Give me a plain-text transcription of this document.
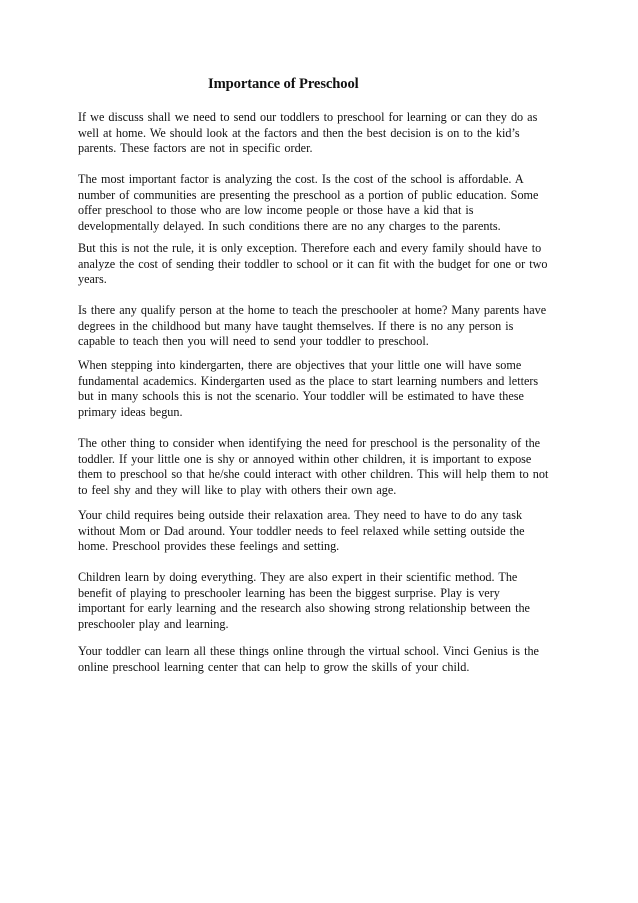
Importance of Preschool
If we discuss shall we need to send our toddlers to preschool for learning or can they do as
well at home. We should look at the factors and then the best decision is on to the kid’s
parents. These factors are not in specific order.
The most important factor is analyzing the cost. Is the cost of the school is affordable. A
number of communities are presenting the preschool as a portion of public education. Some
offer preschool to those who are low income people or those have a kid that is
developmentally delayed. In such conditions there are no any charges to the parents.
But this is not the rule, it is only exception. Therefore each and every family should have to
analyze the cost of sending their toddler to school or it can fit with the budget for one or two
years.
Is there any qualify person at the home to teach the preschooler at home? Many parents have
degrees in the childhood but many have taught themselves. If there is no any person is
capable to teach then you will need to send your toddler to preschool.
When stepping into kindergarten, there are objectives that your little one will have some
fundamental academics. Kindergarten used as the place to start learning numbers and letters
but in many schools this is not the scenario. Your toddler will be estimated to have these
primary ideas begun.
The other thing to consider when identifying the need for preschool is the personality of the
toddler. If your little one is shy or annoyed within other children, it is important to expose
them to preschool so that he/she could interact with other children. This will help them to not
to feel shy and they will like to play with others their own age.
Your child requires being outside their relaxation area. They need to have to do any task
without Mom or Dad around. Your toddler needs to feel relaxed while setting outside the
home. Preschool provides these feelings and setting.
Children learn by doing everything. They are also expert in their scientific method. The
benefit of playing to preschooler learning has been the biggest surprise. Play is very
important for early learning and the research also showing strong relationship between the
preschooler play and learning.
Your toddler can learn all these things online through the virtual school. Vinci Genius is the
online preschool learning center that can help to grow the skills of your child.
